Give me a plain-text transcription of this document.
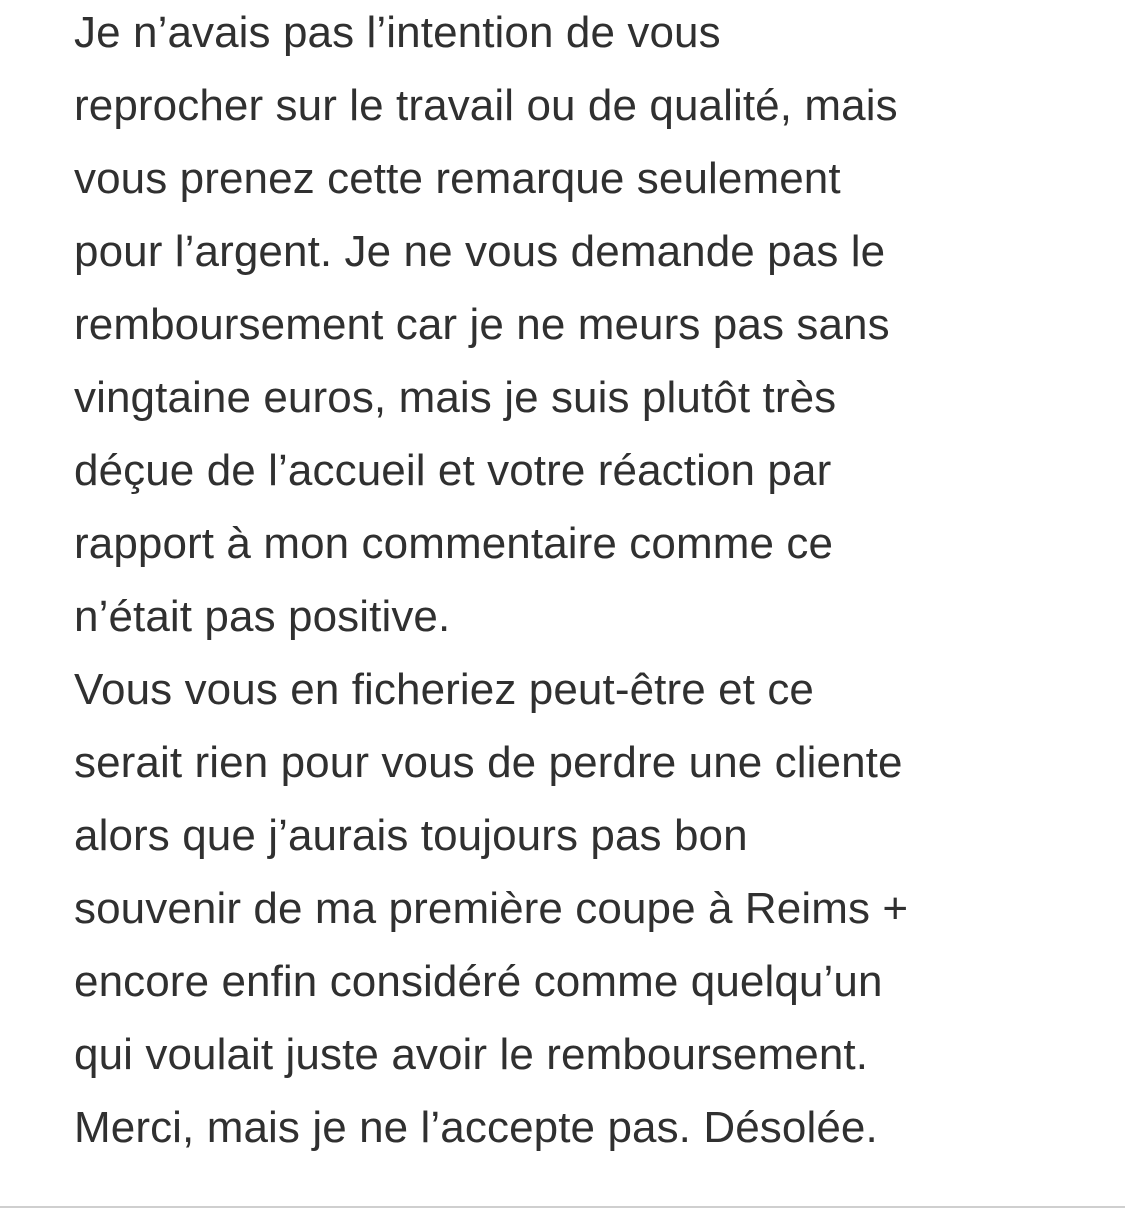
Je n’avais pas l’intention de vous
reprocher sur le travail ou de qualité, mais
vous prenez cette remarque seulement
pour l’argent. Je ne vous demande pas le
remboursement car je ne meurs pas sans
vingtaine euros, mais je suis plutôt très
déçue de l’accueil et votre réaction par
rapport à mon commentaire comme ce
n’était pas positive.
Vous vous en ficheriez peut-être et ce
serait rien pour vous de perdre une cliente
alors que j’aurais toujours pas bon
souvenir de ma première coupe à Reims +
encore enfin considéré comme quelqu’un
qui voulait juste avoir le remboursement.
Merci, mais je ne l’accepte pas. Désolée.
